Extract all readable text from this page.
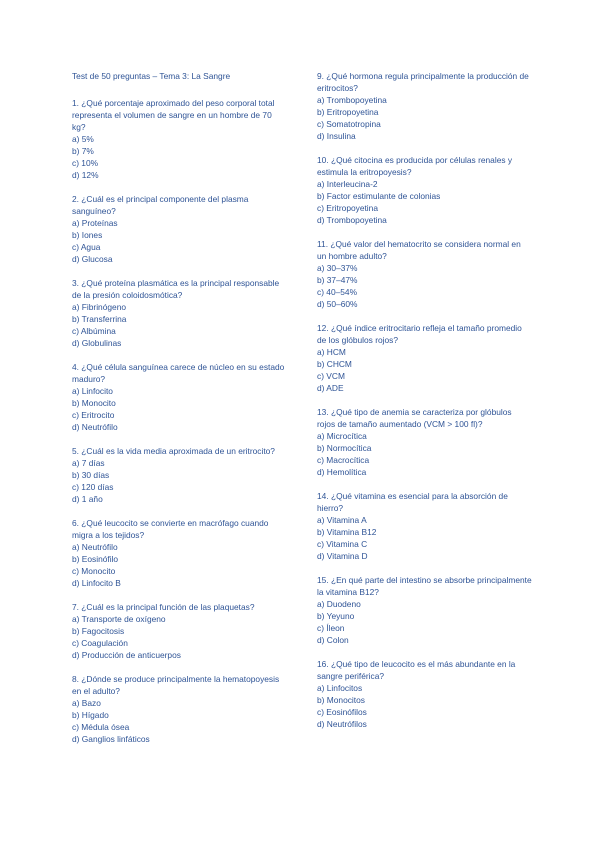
Test de 50 preguntas – Tema 3: La Sangre

1. ¿Qué porcentaje aproximado del peso corporal total representa el volumen de sangre en un hombre de 70 kg?

a) 5%

b) 7%

c) 10%

d) 12%

2. ¿Cuál es el principal componente del plasma sanguíneo?

a) Proteínas

b) Iones

c) Agua

d) Glucosa

3. ¿Qué proteína plasmática es la principal responsable de la presión coloidosmótica?

a) Fibrinógeno

b) Transferrina

c) Albúmina

d) Globulinas

4. ¿Qué célula sanguínea carece de núcleo en su estado maduro?

a) Linfocito

b) Monocito

c) Eritrocito

d) Neutrófilo

5. ¿Cuál es la vida media aproximada de un eritrocito?

a) 7 días

b) 30 días

c) 120 días

d) 1 año

6. ¿Qué leucocito se convierte en macrófago cuando migra a los tejidos?

a) Neutrófilo

b) Eosinófilo

c) Monocito

d) Linfocito B

7. ¿Cuál es la principal función de las plaquetas?

a) Transporte de oxígeno

b) Fagocitosis

c) Coagulación

d) Producción de anticuerpos

8. ¿Dónde se produce principalmente la hematopoyesis en el adulto?

a) Bazo

b) Hígado

c) Médula ósea

d) Ganglios linfáticos

9. ¿Qué hormona regula principalmente la producción de eritrocitos?

a) Trombopoyetina

b) Eritropoyetina

c) Somatotropina

d) Insulina

10. ¿Qué citocina es producida por células renales y estimula la eritropoyesis?

a) Interleucina-2

b) Factor estimulante de colonias

c) Eritropoyetina

d) Trombopoyetina

11. ¿Qué valor del hematocrito se considera normal en un hombre adulto?

a) 30–37%

b) 37–47%

c) 40–54%

d) 50–60%

12. ¿Qué índice eritrocitario refleja el tamaño promedio de los glóbulos rojos?

a) HCM

b) CHCM

c) VCM

d) ADE

13. ¿Qué tipo de anemia se caracteriza por glóbulos rojos de tamaño aumentado (VCM > 100 fl)?

a) Microcítica

b) Normocítica

c) Macrocítica

d) Hemolítica

14. ¿Qué vitamina es esencial para la absorción de hierro?

a) Vitamina A

b) Vitamina B12

c) Vitamina C

d) Vitamina D

15. ¿En qué parte del intestino se absorbe principalmente la vitamina B12?

a) Duodeno

b) Yeyuno

c) Íleon

d) Colon

16. ¿Qué tipo de leucocito es el más abundante en la sangre periférica?

a) Linfocitos

b) Monocitos

c) Eosinófilos

d) Neutrófilos
